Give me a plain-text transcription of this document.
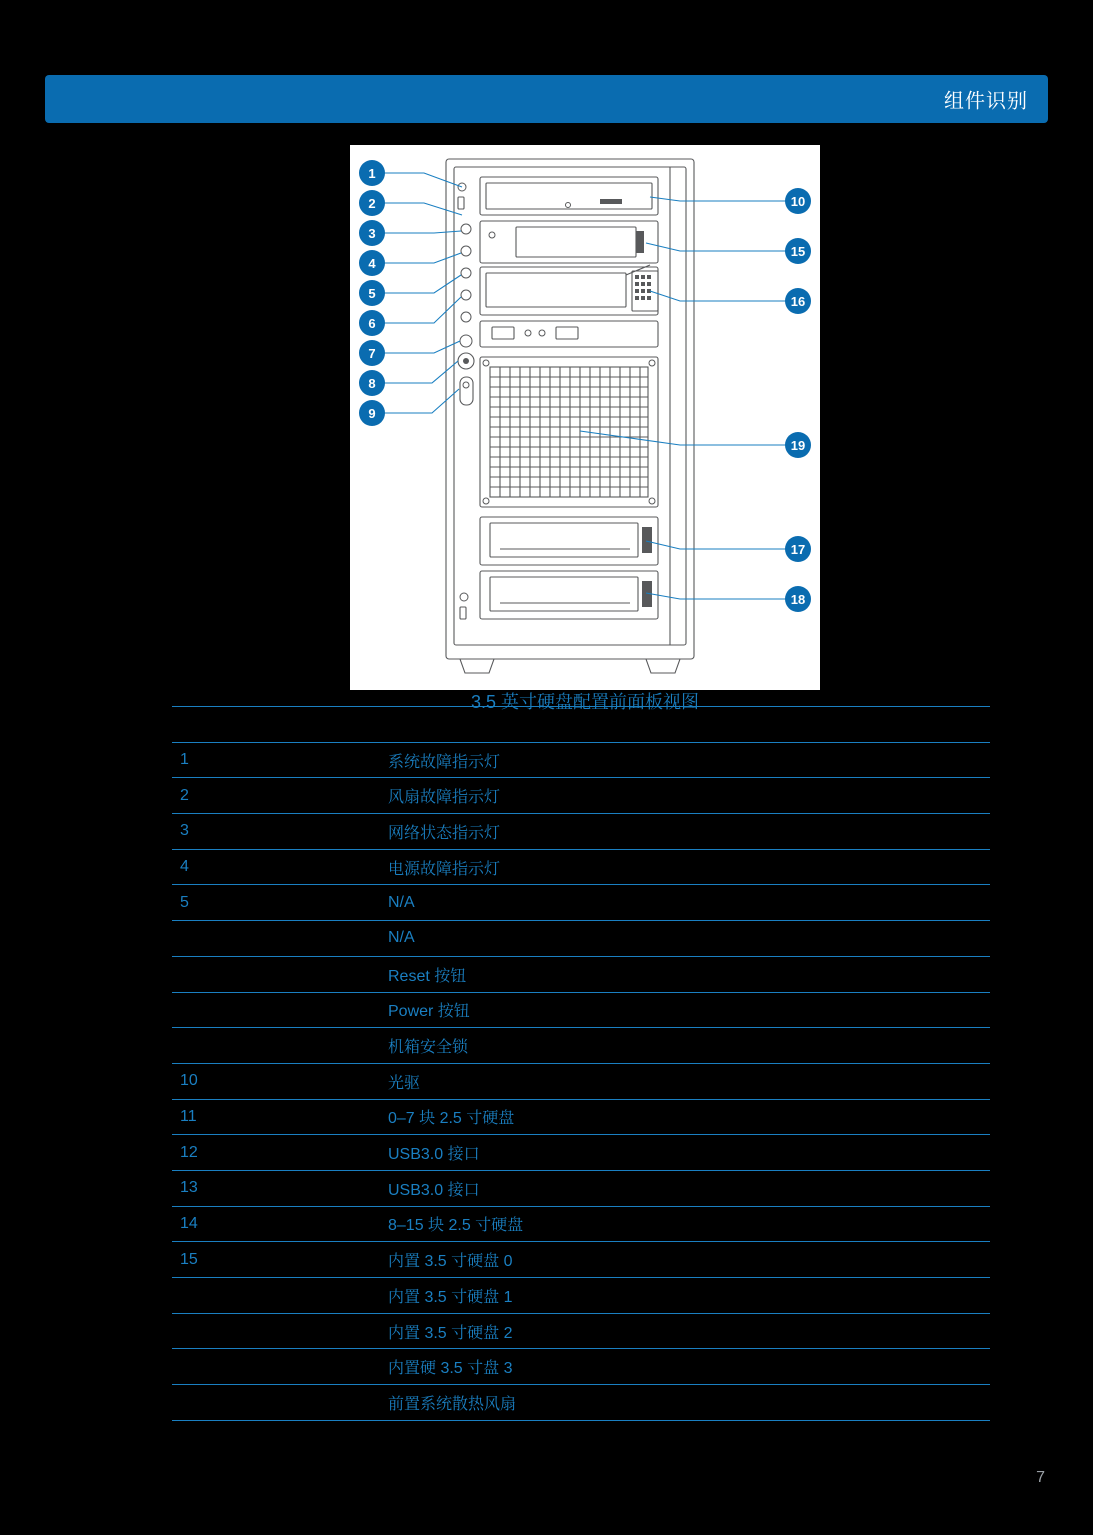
组件识别
1
2
3
4
5
6
7
8
9
10
15
16
19
17
18
3.5 英寸硬盘配置前面板视图
1	系统故障指示灯
2	风扇故障指示灯
3	网络状态指示灯
4	电源故障指示灯
5	N/A
N/A
Reset 按钮
Power 按钮
机箱安全锁
10	光驱
11	0–7 块 2.5 寸硬盘
12	USB3.0 接口
13	USB3.0 接口
14	8–15 块 2.5 寸硬盘
15	内置 3.5 寸硬盘 0
内置 3.5 寸硬盘 1
内置 3.5 寸硬盘 2
内置硬 3.5 寸盘 3
前置系统散热风扇
7
